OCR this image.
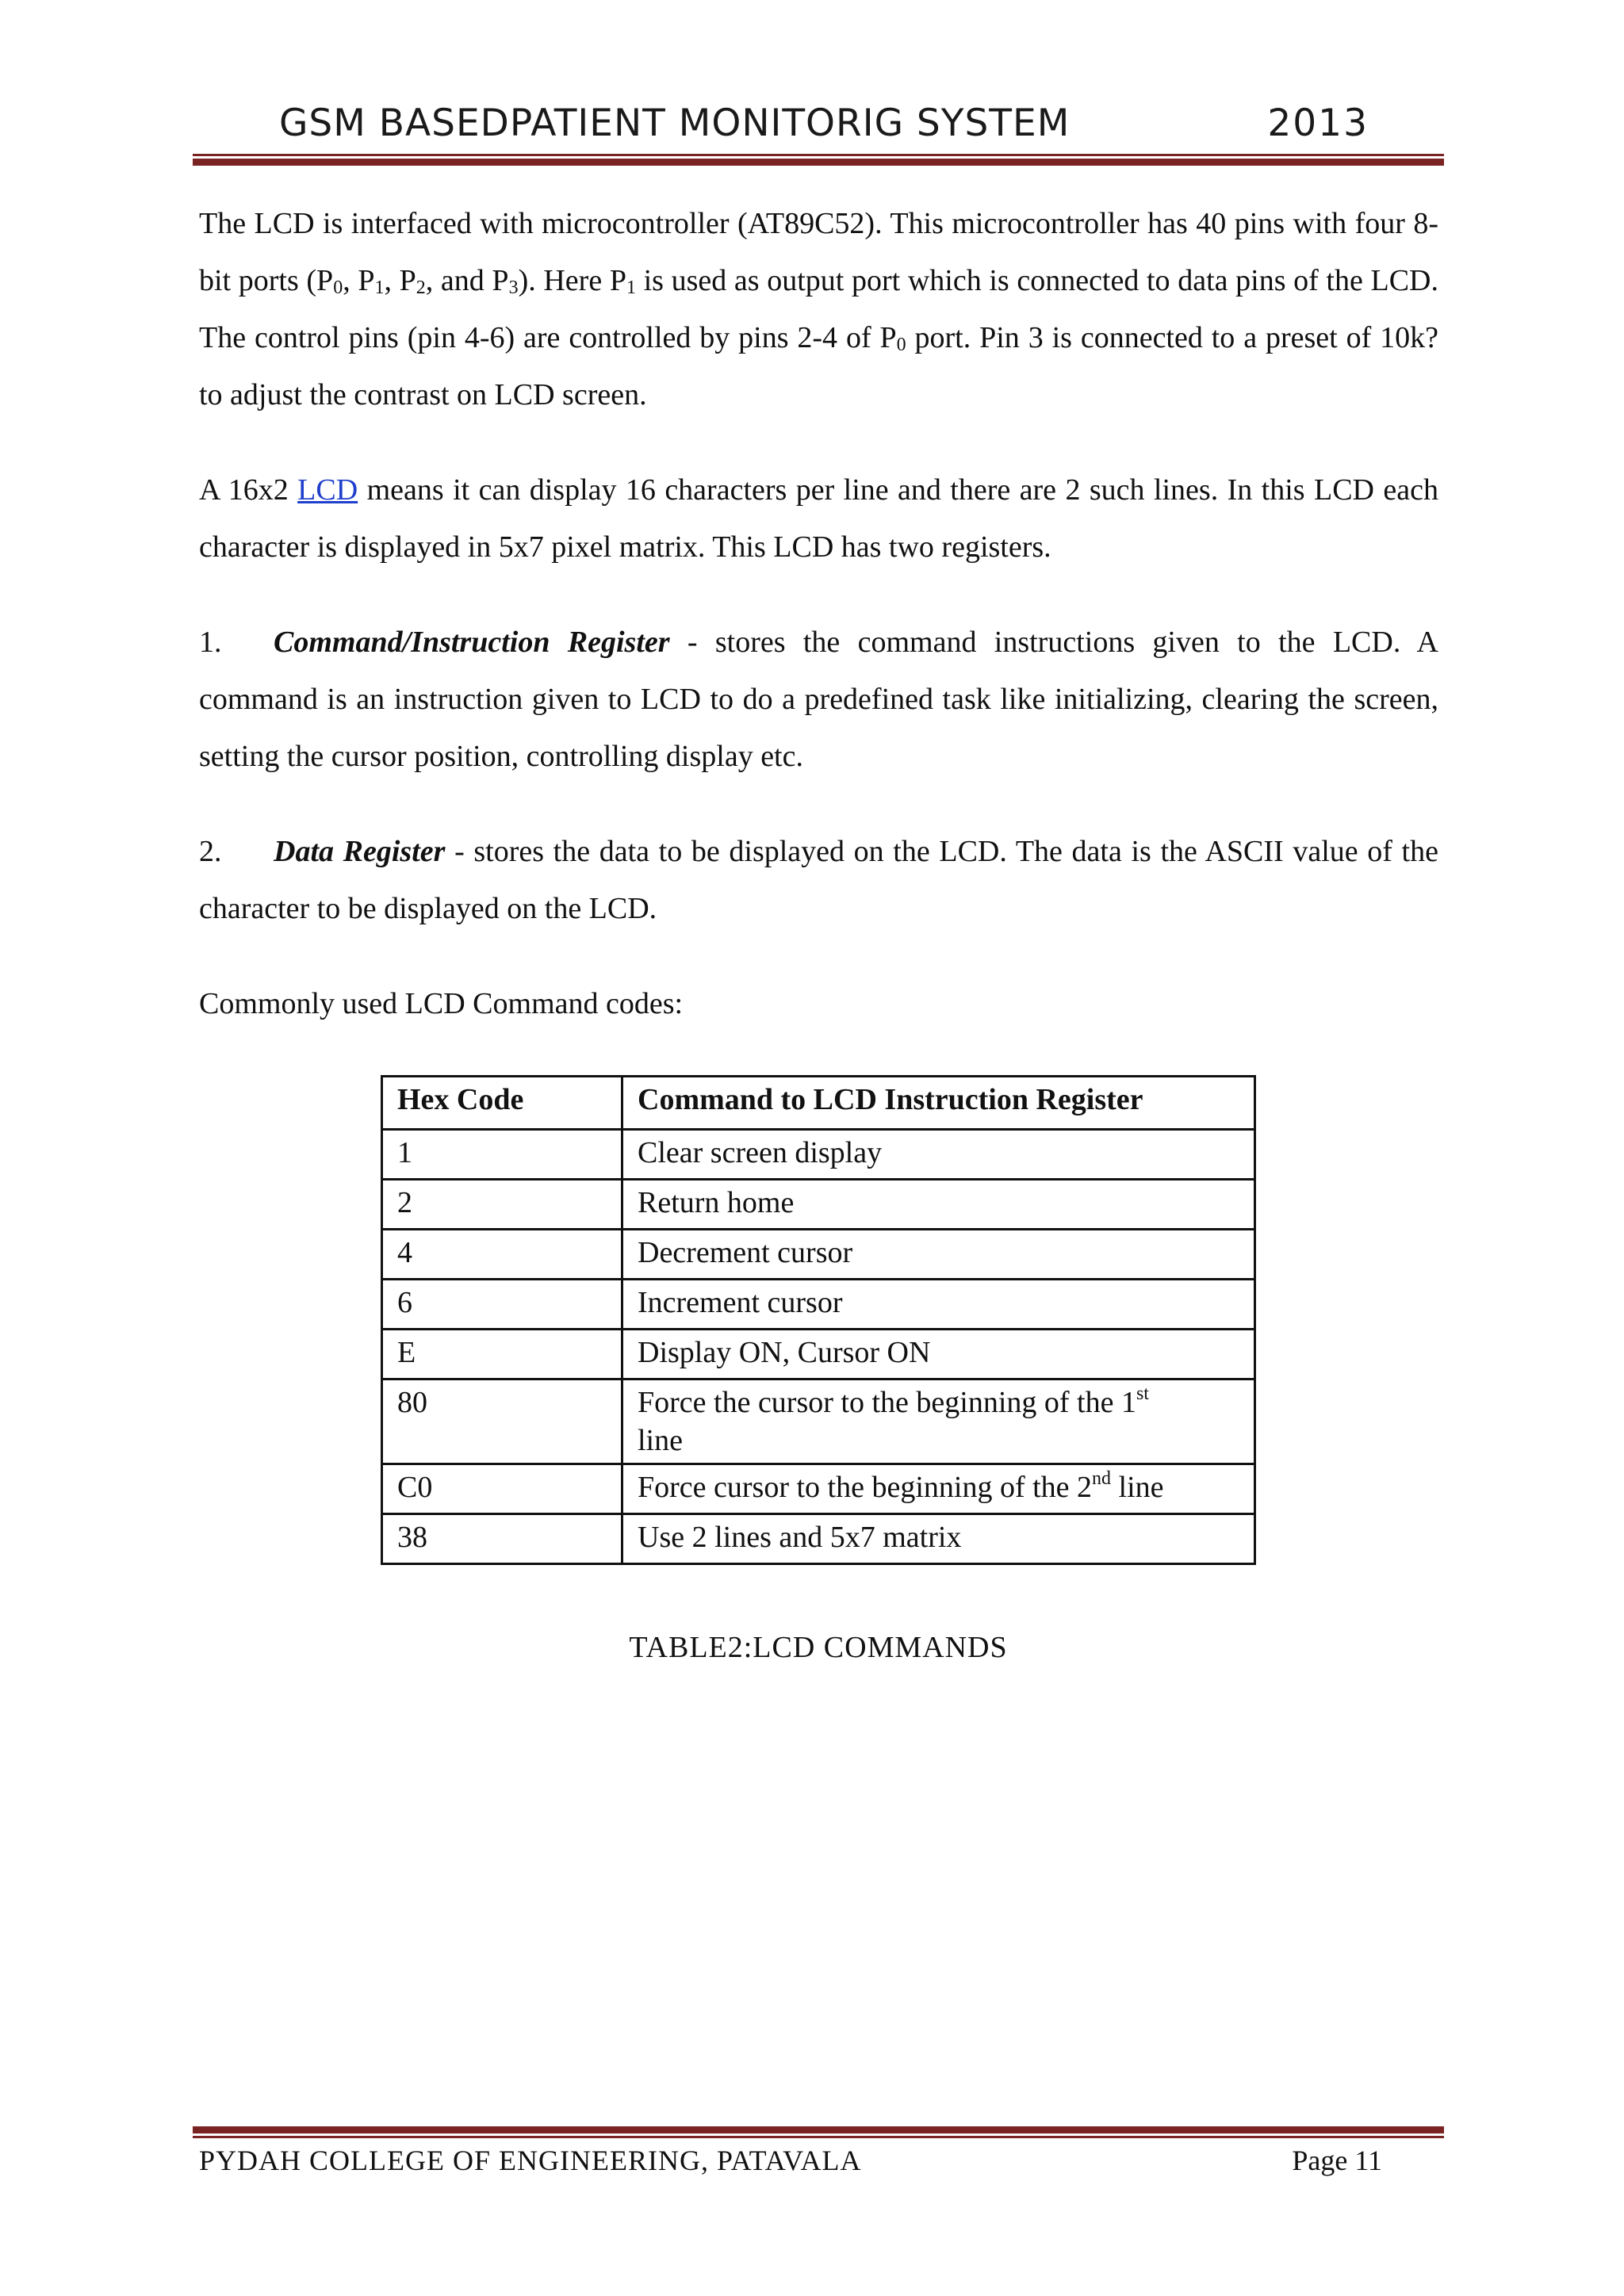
GSM BASEDPATIENT MONITORIG SYSTEM	2013

The LCD is interfaced with microcontroller (AT89C52). This microcontroller has 40 pins with four 8-bit ports ($P_0$, $P_1$, $P_2$, and $P_3$). Here $P_1$ is used as output port which is connected to data pins of the LCD. The control pins (pin 4-6) are controlled by pins 2-4 of $P_0$ port. Pin 3 is connected to a preset of 10k? to adjust the contrast on LCD screen.

A 16x2 LCD means it can display 16 characters per line and there are 2 such lines. In this LCD each character is displayed in 5x7 pixel matrix. This LCD has two registers.

1. Command/Instruction Register - stores the command instructions given to the LCD. A command is an instruction given to LCD to do a predefined task like initializing, clearing the screen, setting the cursor position, controlling display etc.

2. Data Register - stores the data to be displayed on the LCD. The data is the ASCII value of the character to be displayed on the LCD.

Commonly used LCD Command codes:

Hex Code	Command to LCD Instruction Register
1	Clear screen display
2	Return home
4	Decrement cursor
6	Increment cursor
E	Display ON, Cursor ON
80	Force the cursor to the beginning of the 1st
line
C0	Force cursor to the beginning of the 2nd line
38	Use 2 lines and 5x7 matrix
TABLE2:LCD COMMANDS
PYDAH COLLEGE OF ENGINEERING, PATAVALA	Page 11
